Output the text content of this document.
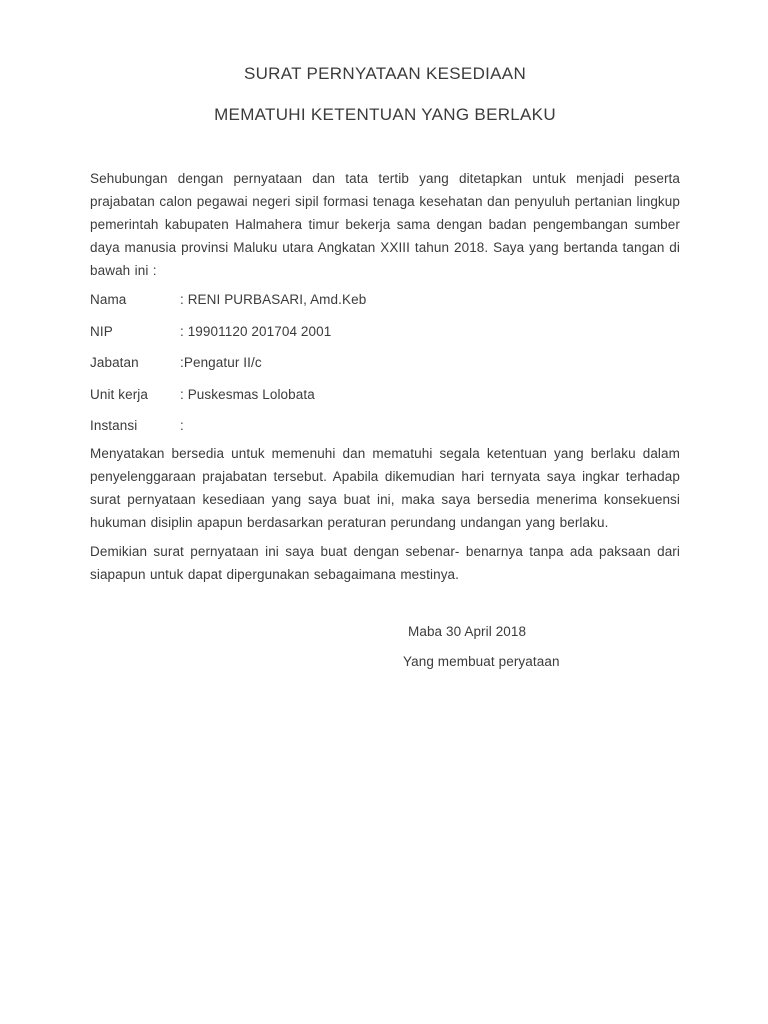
SURAT PERNYATAAN KESEDIAAN
MEMATUHI KETENTUAN YANG BERLAKU

Sehubungan dengan pernyataan dan tata tertib yang ditetapkan untuk menjadi peserta prajabatan calon pegawai negeri sipil formasi tenaga kesehatan dan penyuluh pertanian lingkup pemerintah kabupaten Halmahera timur bekerja sama dengan badan pengembangan sumber daya manusia provinsi Maluku utara Angkatan XXIII tahun 2018. Saya yang bertanda tangan di bawah ini :

Nama	: RENI PURBASARI, Amd.Keb
NIP	: 19901120 201704 2001
Jabatan	:Pengatur II/c
Unit kerja	: Puskesmas Lolobata
Instansi	:

Menyatakan bersedia untuk memenuhi dan mematuhi segala ketentuan yang berlaku dalam penyelenggaraan prajabatan tersebut. Apabila dikemudian hari ternyata saya ingkar terhadap surat pernyataan kesediaan yang saya buat ini, maka saya bersedia menerima konsekuensi hukuman disiplin apapun berdasarkan peraturan perundang undangan yang berlaku.

Demikian surat pernyataan ini saya buat dengan sebenar- benarnya tanpa ada paksaan dari siapapun untuk dapat dipergunakan sebagaimana mestinya.

Maba 30 April 2018
Yang membuat peryataan
